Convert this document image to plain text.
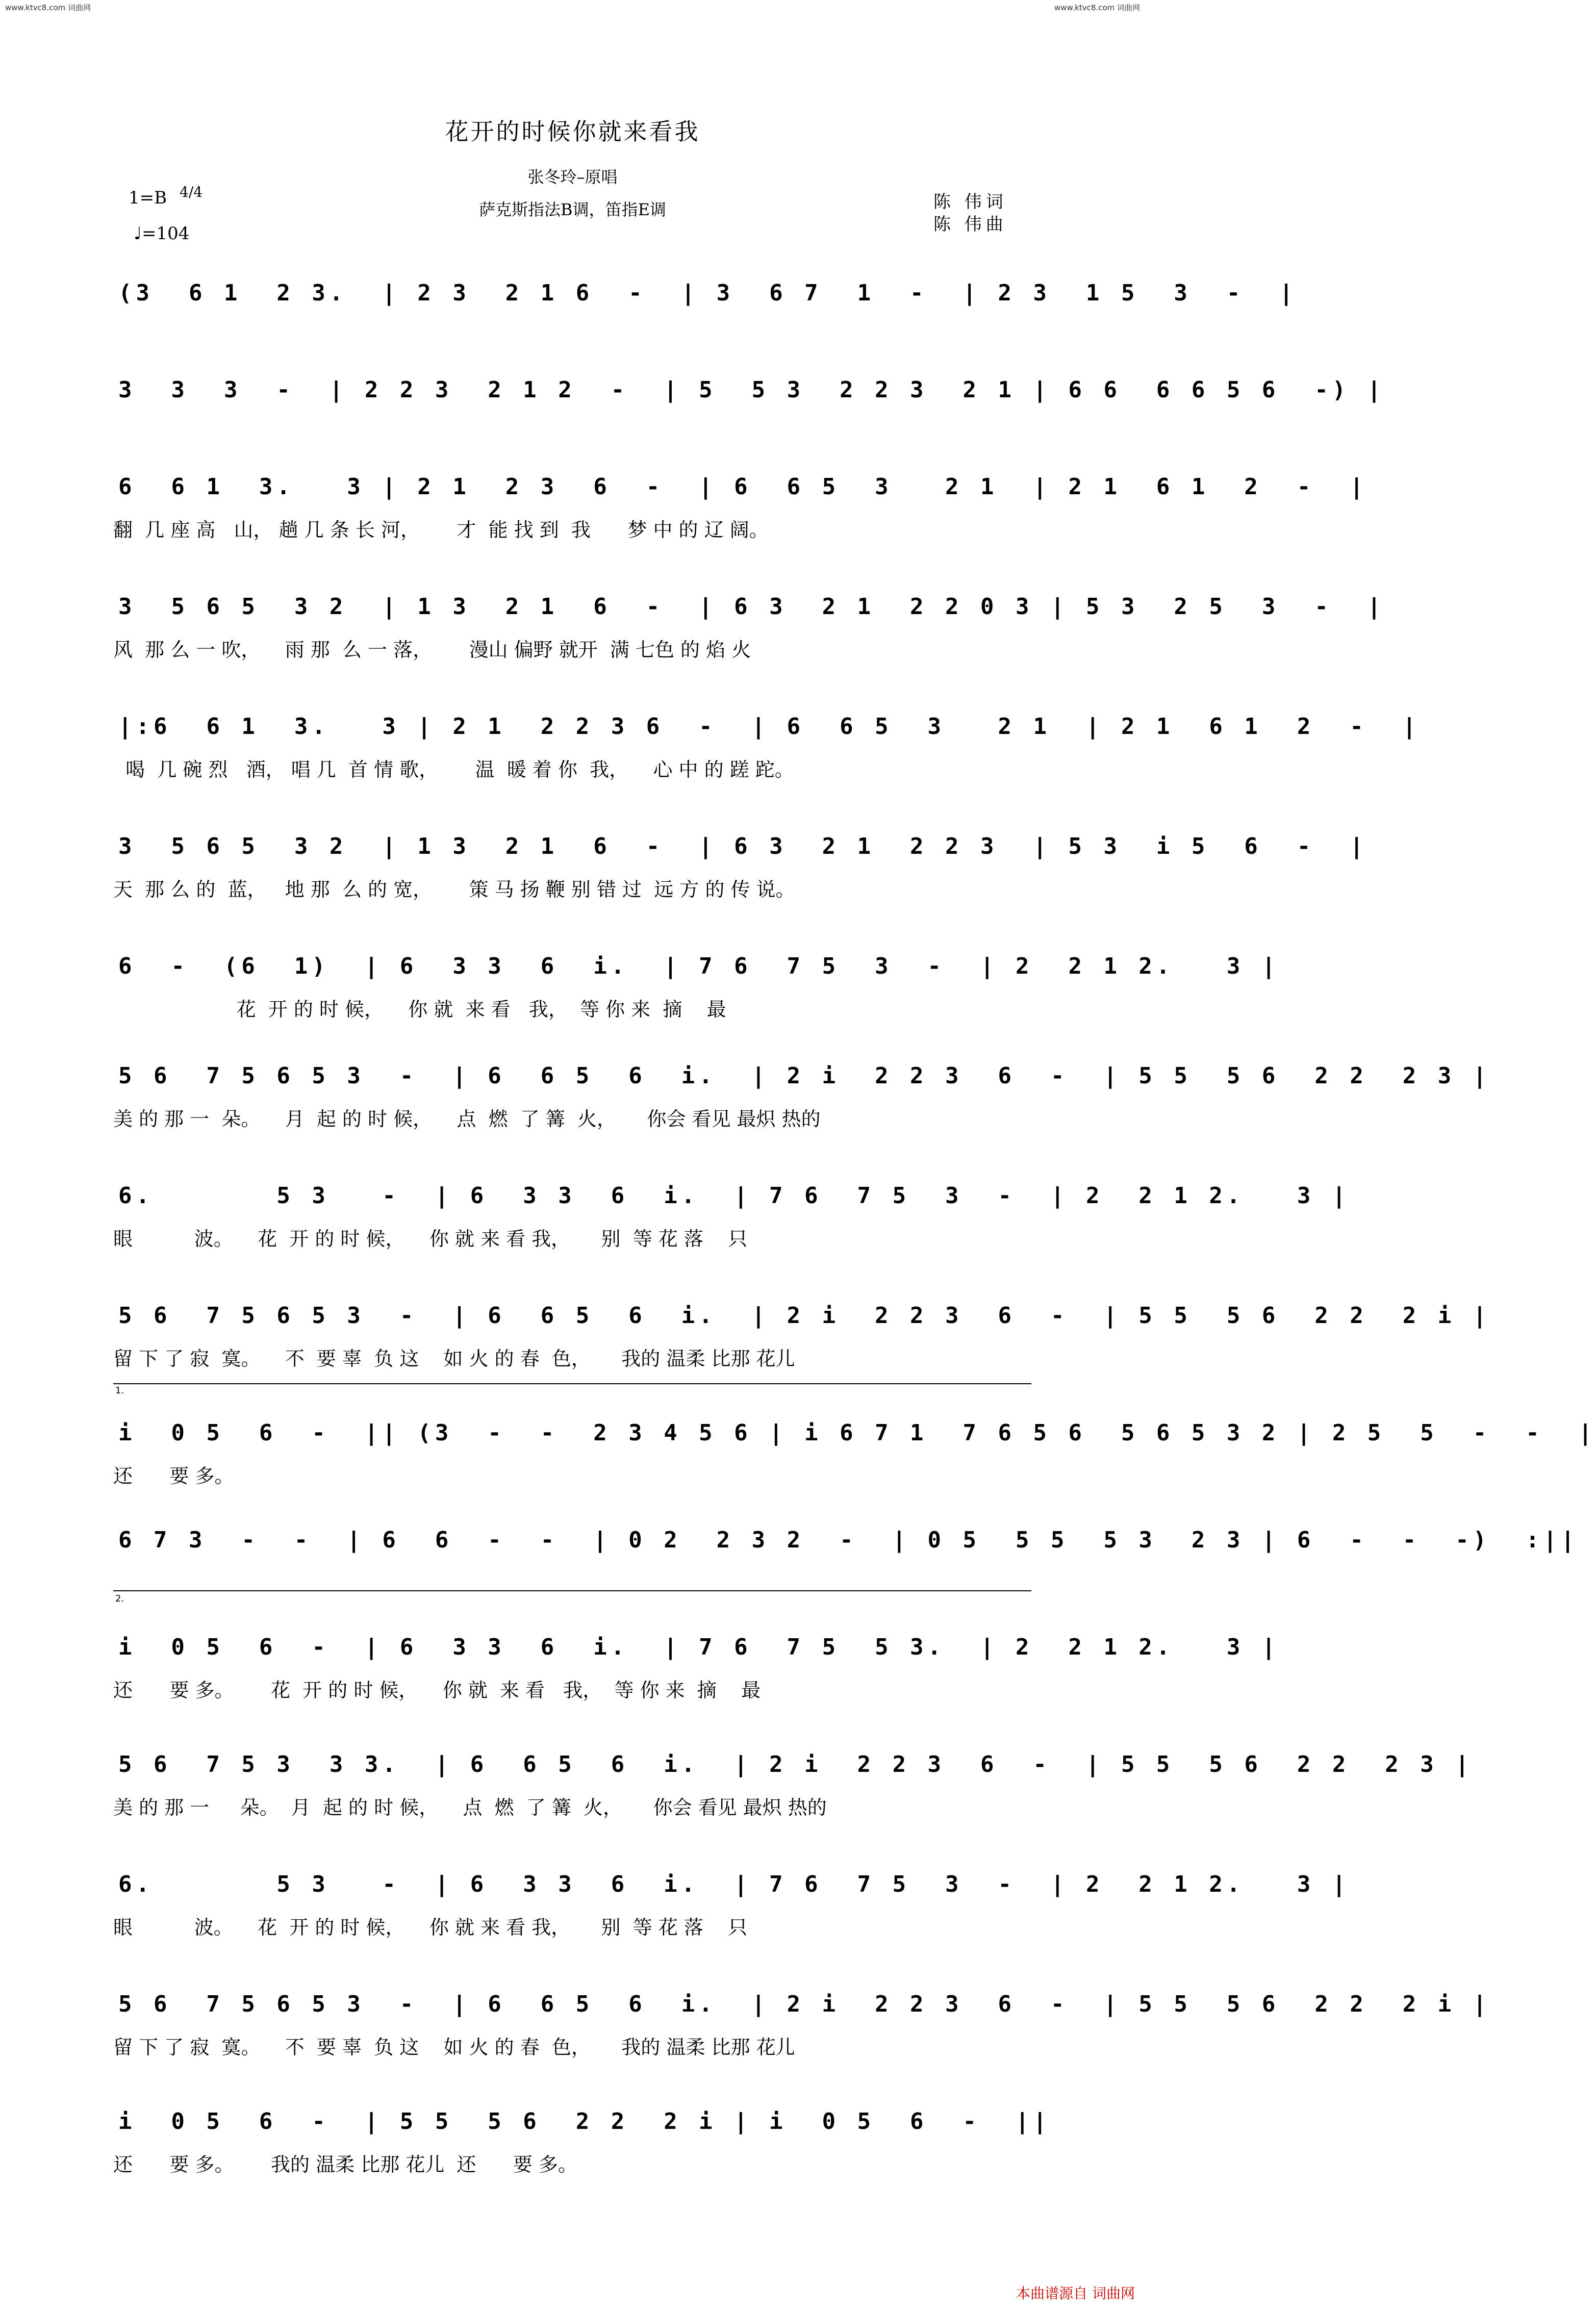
www.ktvc8.com 词曲网	www.ktvc8.com 词曲网
花开的时候你就来看我
张冬玲–原唱
萨克斯指法B调，笛指E调
1=B 4/4
♩=104
陈 伟词
陈 伟曲
(3  6 1  2 3.  | 2 3  2 1 6  -  | 3  6 7  1  -  | 2 3  1 5  3  -  |
3  3  3  -  | 2 2 3  2 1 2  -  | 5  5 3  2 2 3  2 1 | 6 6  6 6 5 6  -) |
6  6 1  3.   3 | 2 1  2 3  6  -  | 6  6 5  3   2 1  | 2 1  6 1  2  -  |
翻  几 座 高   山， 趟 几 条 长 河，      才  能 找 到  我      梦 中 的 辽 阔。
3  5 6 5  3 2  | 1 3  2 1  6  -  | 6 3  2 1  2 2 0 3 | 5 3  2 5  3  -  |
风  那 么 一 吹，    雨 那  么 一 落，      漫山 偏野 就开  满 七色 的 焰 火
|:6  6 1  3.   3 | 2 1  2 2 3 6  -  | 6  6 5  3   2 1  | 2 1  6 1  2  -  |
喝  几 碗 烈   酒， 唱 几  首 情 歌，      温  暖 着 你  我，    心 中 的 蹉 跎。
3  5 6 5  3 2  | 1 3  2 1  6  -  | 6 3  2 1  2 2 3  | 5 3  i 5  6  -  |
天  那 么 的  蓝，   地 那  么 的 宽，      策 马 扬 鞭 别 错 过  远 方 的 传 说。
6  -  (6  1)  | 6  3 3  6  i.  | 7 6  7 5  3  -  | 2  2 1 2.   3 |
花  开 的 时 候，    你 就  来 看   我，  等 你 来  摘    最
5 6  7 5 6 5 3  -  | 6  6 5  6  i.  | 2 i  2 2 3  6  -  | 5 5  5 6  2 2  2 3 |
美 的 那 一  朵。    月  起 的 时 候，    点  燃  了 篝  火，     你会 看见 最炽 热的
6.       5 3   -  | 6  3 3  6  i.  | 7 6  7 5  3  -  | 2  2 1 2.   3 |
眼          波。    花  开 的 时 候，    你 就 来 看 我，     别  等 花 落    只
5 6  7 5 6 5 3  -  | 6  6 5  6  i.  | 2 i  2 2 3  6  -  | 5 5  5 6  2 2  2 i |
留 下 了 寂  寞。    不  要 辜  负 这    如 火 的 春  色，     我的 温柔 比那 花儿
i  0 5  6  -  || (3  -  -  2 3 4 5 6 | i 6 7 1  7 6 5 6  5 6 5 3 2 | 2 5  5  -  -  |
还      要 多。
6 7 3  -  -  | 6  6  -  -  | 0 2  2 3 2  -  | 0 5  5 5  5 3  2 3 | 6  -  -  -)  :||
i  0 5  6  -  | 6  3 3  6  i.  | 7 6  7 5  5 3.  | 2  2 1 2.   3 |
还      要 多。      花  开 的 时 候，    你 就  来 看   我，  等 你 来  摘    最
5 6  7 5 3  3 3.  | 6  6 5  6  i.  | 2 i  2 2 3  6  -  | 5 5  5 6  2 2  2 3 |
美 的 那 一     朵。  月  起 的 时 候，    点  燃  了 篝  火，     你会 看见 最炽 热的
6.       5 3   -  | 6  3 3  6  i.  | 7 6  7 5  3  -  | 2  2 1 2.   3 |
眼          波。    花  开 的 时 候，    你 就 来 看 我，     别  等 花 落    只
5 6  7 5 6 5 3  -  | 6  6 5  6  i.  | 2 i  2 2 3  6  -  | 5 5  5 6  2 2  2 i |
留 下 了 寂  寞。    不  要 辜  负 这    如 火 的 春  色，     我的 温柔 比那 花儿
i  0 5  6  -  | 5 5  5 6  2 2  2 i | i  0 5  6  -  ||
还      要 多。      我的 温柔 比那 花儿  还      要 多。
1.
2.
本曲谱源自 词曲网
